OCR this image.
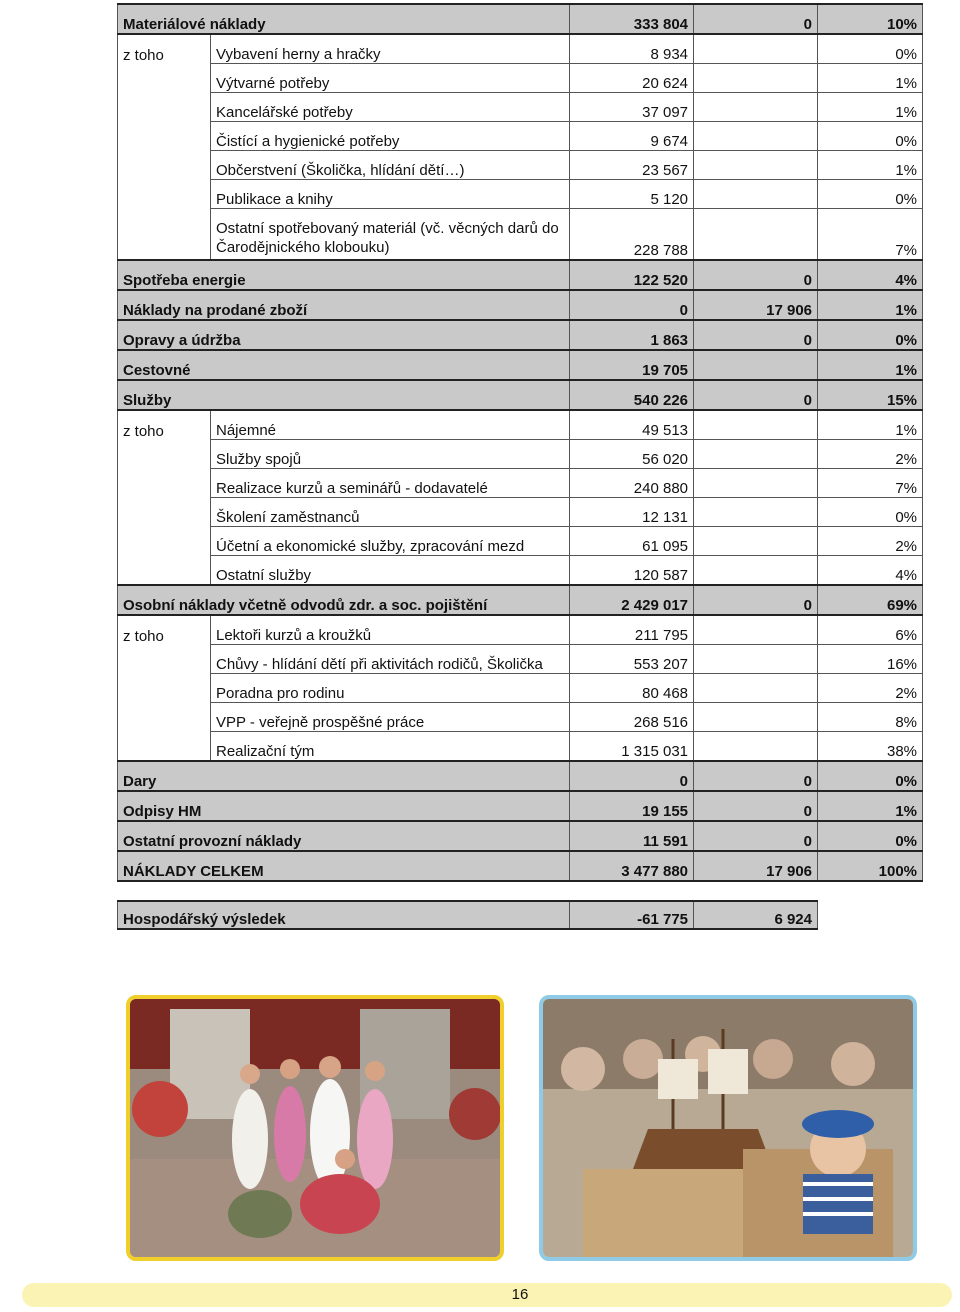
Materiálové náklady		333 804	0	10%
z toho	Vybavení herny a hračky	8 934		0%
	Výtvarné potřeby	20 624		1%
	Kancelářské potřeby	37 097		1%
	Čistící a hygienické potřeby	9 674		0%
	Občerstvení (Školička, hlídání dětí…)	23 567		1%
	Publikace a knihy	5 120		0%
	Ostatní spotřebovaný materiál (vč. věcných darů do Čarodějnického klobouku)	228 788		7%
Spotřeba energie		122 520	0	4%
Náklady na prodané zboží		0	17 906	1%
Opravy a údržba		1 863	0	0%
Cestovné		19 705		1%
Služby		540 226	0	15%
z toho	Nájemné	49 513		1%
	Služby spojů	56 020		2%
	Realizace kurzů a seminářů - dodavatelé	240 880		7%
	Školení zaměstnanců	12 131		0%
	Účetní a ekonomické služby, zpracování mezd	61 095		2%
	Ostatní služby	120 587		4%
Osobní náklady včetně odvodů zdr. a soc. pojištění		2 429 017	0	69%
z toho	Lektoři kurzů a kroužků	211 795		6%
	Chůvy - hlídání dětí při aktivitách rodičů, Školička	553 207		16%
	Poradna pro rodinu	80 468		2%
	VPP - veřejně prospěšné práce	268 516		8%
	Realizační tým	1 315 031		38%
Dary		0	0	0%
Odpisy HM		19 155	0	1%
Ostatní provozní náklady		11 591	0	0%
NÁKLADY CELKEM		3 477 880	17 906	100%
Hospodářský výsledek	-61 775	6 924
16
